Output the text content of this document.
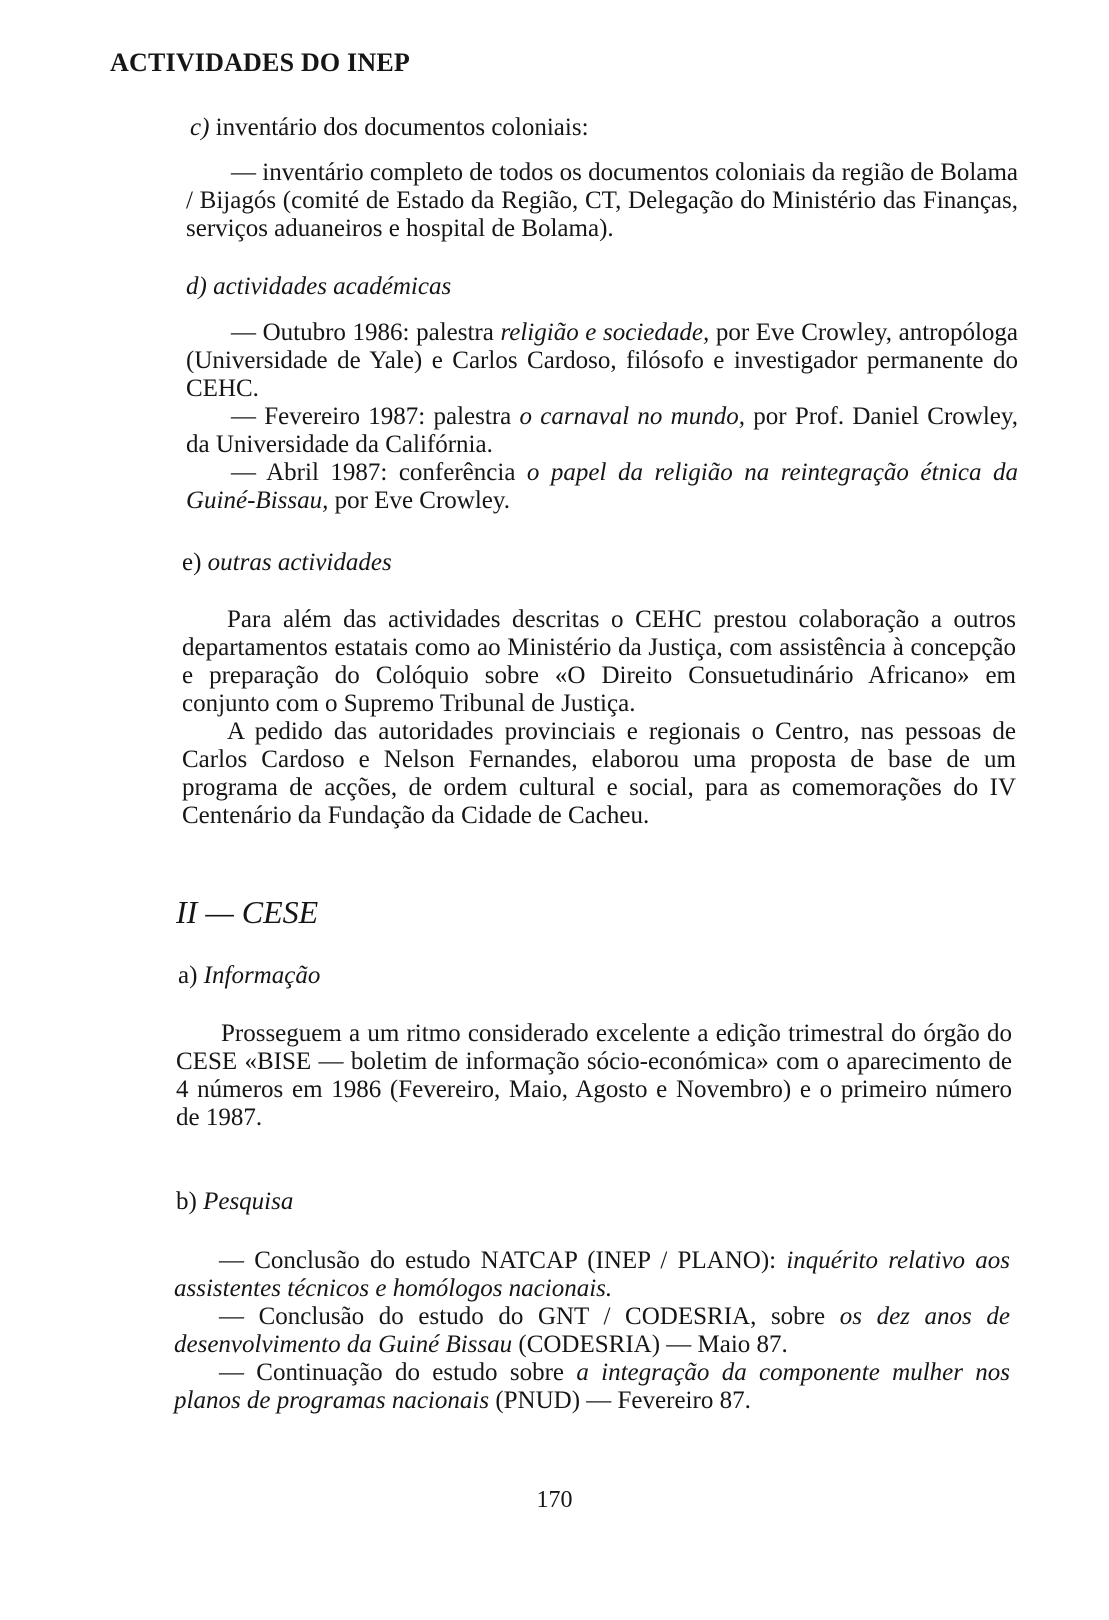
ACTIVIDADES DO INEP
c) inventário dos documentos coloniais:

— inventário completo de todos os documentos coloniais da região de Bolama / Bijagós (comité de Estado da Região, CT, Delegação do Ministério das Finanças, serviços aduaneiros e hospital de Bolama).

d) actividades académicas

— Outubro 1986: palestra religião e sociedade, por Eve Crowley, antropóloga (Universidade de Yale) e Carlos Cardoso, filósofo e investigador permanente do CEHC.

— Fevereiro 1987: palestra o carnaval no mundo, por Prof. Daniel Crowley, da Universidade da Califórnia.

— Abril 1987: conferência o papel da religião na reintegração étnica da Guiné-Bissau, por Eve Crowley.

e) outras actividades

Para além das actividades descritas o CEHC prestou colaboração a outros departamentos estatais como ao Ministério da Justiça, com assistência à concepção e preparação do Colóquio sobre «O Direito Consuetudinário Africano» em conjunto com o Supremo Tribunal de Justiça.

A pedido das autoridades provinciais e regionais o Centro, nas pessoas de Carlos Cardoso e Nelson Fernandes, elaborou uma proposta de base de um programa de acções, de ordem cultural e social, para as comemorações do IV Centenário da Fundação da Cidade de Cacheu.

II — CESE
a) Informação

Prosseguem a um ritmo considerado excelente a edição trimestral do órgão do CESE «BISE — boletim de informação sócio-económica» com o aparecimento de 4 números em 1986 (Fevereiro, Maio, Agosto e Novembro) e o primeiro número de 1987.

b) Pesquisa

— Conclusão do estudo NATCAP (INEP / PLANO): inquérito relativo aos assistentes técnicos e homólogos nacionais.

— Conclusão do estudo do GNT / CODESRIA, sobre os dez anos de desenvolvimento da Guiné Bissau (CODESRIA) — Maio 87.

— Continuação do estudo sobre a integração da componente mulher nos planos de programas nacionais (PNUD) — Fevereiro 87.

170
